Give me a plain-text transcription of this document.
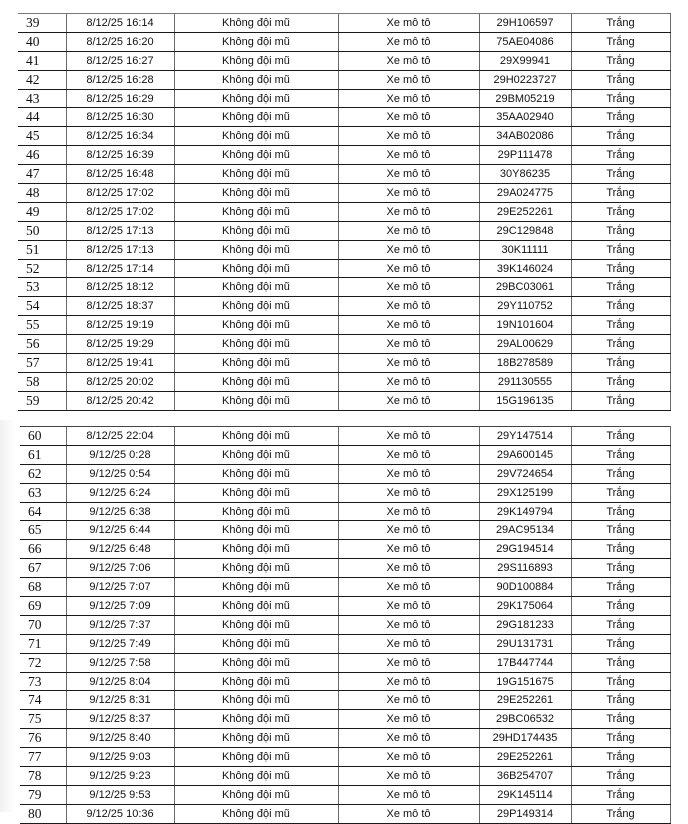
39	8/12/25 16:14	Không đội mũ	Xe mô tô	29H106597	Trắng
40	8/12/25 16:20	Không đội mũ	Xe mô tô	75AE04086	Trắng
41	8/12/25 16:27	Không đội mũ	Xe mô tô	29X99941	Trắng
42	8/12/25 16:28	Không đội mũ	Xe mô tô	29H0223727	Trắng
43	8/12/25 16:29	Không đội mũ	Xe mô tô	29BM05219	Trắng
44	8/12/25 16:30	Không đội mũ	Xe mô tô	35AA02940	Trắng
45	8/12/25 16:34	Không đội mũ	Xe mô tô	34AB02086	Trắng
46	8/12/25 16:39	Không đội mũ	Xe mô tô	29P111478	Trắng
47	8/12/25 16:48	Không đội mũ	Xe mô tô	30Y86235	Trắng
48	8/12/25 17:02	Không đội mũ	Xe mô tô	29A024775	Trắng
49	8/12/25 17:02	Không đội mũ	Xe mô tô	29E252261	Trắng
50	8/12/25 17:13	Không đội mũ	Xe mô tô	29C129848	Trắng
51	8/12/25 17:13	Không đội mũ	Xe mô tô	30K11111	Trắng
52	8/12/25 17:14	Không đội mũ	Xe mô tô	39K146024	Trắng
53	8/12/25 18:12	Không đội mũ	Xe mô tô	29BC03061	Trắng
54	8/12/25 18:37	Không đội mũ	Xe mô tô	29Y110752	Trắng
55	8/12/25 19:19	Không đội mũ	Xe mô tô	19N101604	Trắng
56	8/12/25 19:29	Không đội mũ	Xe mô tô	29AL00629	Trắng
57	8/12/25 19:41	Không đội mũ	Xe mô tô	18B278589	Trắng
58	8/12/25 20:02	Không đội mũ	Xe mô tô	291130555	Trắng
59	8/12/25 20:42	Không đội mũ	Xe mô tô	15G196135	Trắng
60	8/12/25 22:04	Không đội mũ	Xe mô tô	29Y147514	Trắng
61	9/12/25 0:28	Không đội mũ	Xe mô tô	29A600145	Trắng
62	9/12/25 0:54	Không đội mũ	Xe mô tô	29V724654	Trắng
63	9/12/25 6:24	Không đội mũ	Xe mô tô	29X125199	Trắng
64	9/12/25 6:38	Không đội mũ	Xe mô tô	29K149794	Trắng
65	9/12/25 6:44	Không đội mũ	Xe mô tô	29AC95134	Trắng
66	9/12/25 6:48	Không đội mũ	Xe mô tô	29G194514	Trắng
67	9/12/25 7:06	Không đội mũ	Xe mô tô	29S116893	Trắng
68	9/12/25 7:07	Không đội mũ	Xe mô tô	90D100884	Trắng
69	9/12/25 7:09	Không đội mũ	Xe mô tô	29K175064	Trắng
70	9/12/25 7:37	Không đội mũ	Xe mô tô	29G181233	Trắng
71	9/12/25 7:49	Không đội mũ	Xe mô tô	29U131731	Trắng
72	9/12/25 7:58	Không đội mũ	Xe mô tô	17B447744	Trắng
73	9/12/25 8:04	Không đội mũ	Xe mô tô	19G151675	Trắng
74	9/12/25 8:31	Không đội mũ	Xe mô tô	29E252261	Trắng
75	9/12/25 8:37	Không đội mũ	Xe mô tô	29BC06532	Trắng
76	9/12/25 8:40	Không đội mũ	Xe mô tô	29HD174435	Trắng
77	9/12/25 9:03	Không đội mũ	Xe mô tô	29E252261	Trắng
78	9/12/25 9:23	Không đội mũ	Xe mô tô	36B254707	Trắng
79	9/12/25 9:53	Không đội mũ	Xe mô tô	29K145114	Trắng
80	9/12/25 10:36	Không đội mũ	Xe mô tô	29P149314	Trắng
